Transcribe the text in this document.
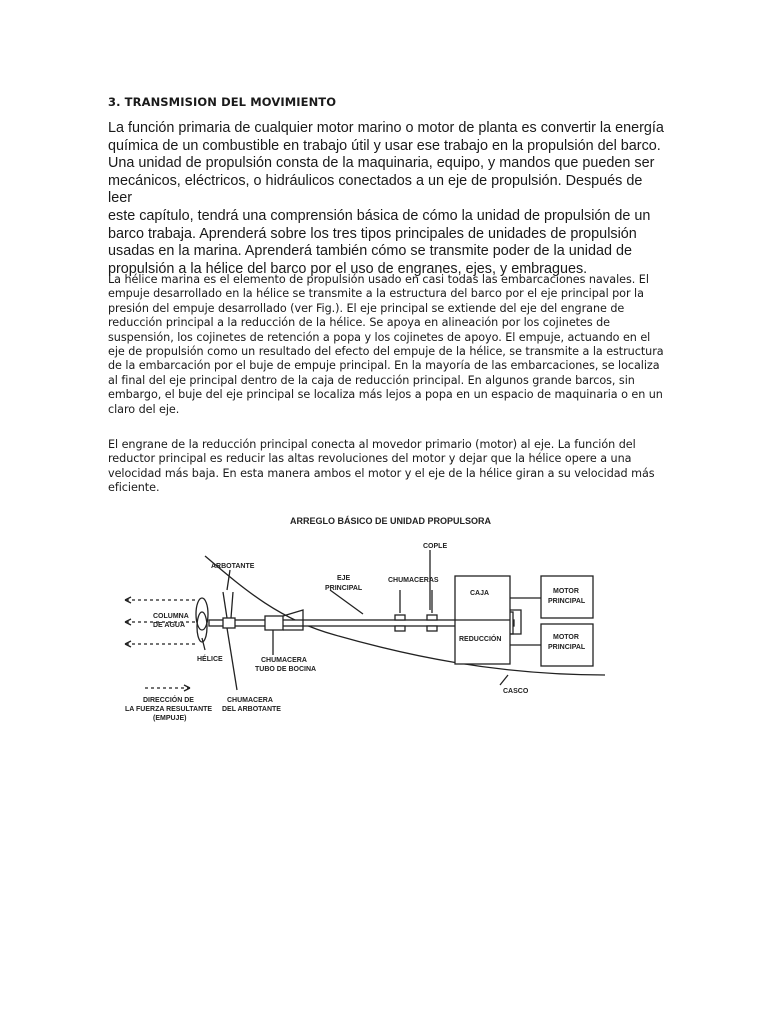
3. TRANSMISION DEL MOVIMIENTO

La función primaria de cualquier motor marino o motor de planta es convertir la energía
química de un combustible en trabajo útil y usar ese trabajo en la propulsión del barco.
Una unidad de propulsión consta de la maquinaria, equipo, y mandos que pueden ser
mecánicos, eléctricos, o hidráulicos conectados a un eje de propulsión. Después de leer
este capítulo, tendrá una comprensión básica de cómo la unidad de propulsión de un
barco trabaja. Aprenderá sobre los tres tipos principales de unidades de propulsión
usadas en la marina. Aprenderá también cómo se transmite poder de la unidad de
propulsión a la hélice del barco por el uso de engranes, ejes, y embragues.

La hélice marina es el elemento de propulsión usado en casi todas las embarcaciones navales. El
empuje desarrollado en la hélice se transmite a la estructura del barco por el eje principal por la
presión del empuje desarrollado (ver Fig.). El eje principal se extiende del eje del engrane de
reducción principal a la reducción de la hélice. Se apoya en alineación por los cojinetes de
suspensión, los cojinetes de retención a popa y los cojinetes de apoyo. El empuje, actuando en el
eje de propulsión como un resultado del efecto del empuje de la hélice, se transmite a la estructura
de la embarcación por el buje de empuje principal. En la mayoría de las embarcaciones, se localiza
al final del eje principal dentro de la caja de reducción principal. En algunos grande barcos, sin
embargo, el buje del eje principal se localiza más lejos a popa en un espacio de maquinaria o en un
claro del eje.

El engrane de la reducción principal conecta al movedor primario (motor) al eje. La función del
reductor principal es reducir las altas revoluciones del motor y dejar que la hélice opere a una
velocidad más baja. En esta manera ambos el motor y el eje de la hélice giran a su velocidad más
eficiente.

ARREGLO BÁSICO DE UNIDAD PROPULSORA
COPLE
ARBOTANTE
EJE
PRINCIPAL
CHUMACERAS
CAJA
REDUCCIÓN
MOTOR
PRINCIPAL
MOTOR
PRINCIPAL
COLUMNA
DE AGUA
HÉLICE	CHUMACERA
TUBO DE BOCINA
CASCO
DIRECCIÓN DE
LA FUERZA RESULTANTE
(EMPUJE)
CHUMACERA
DEL ARBOTANTE
